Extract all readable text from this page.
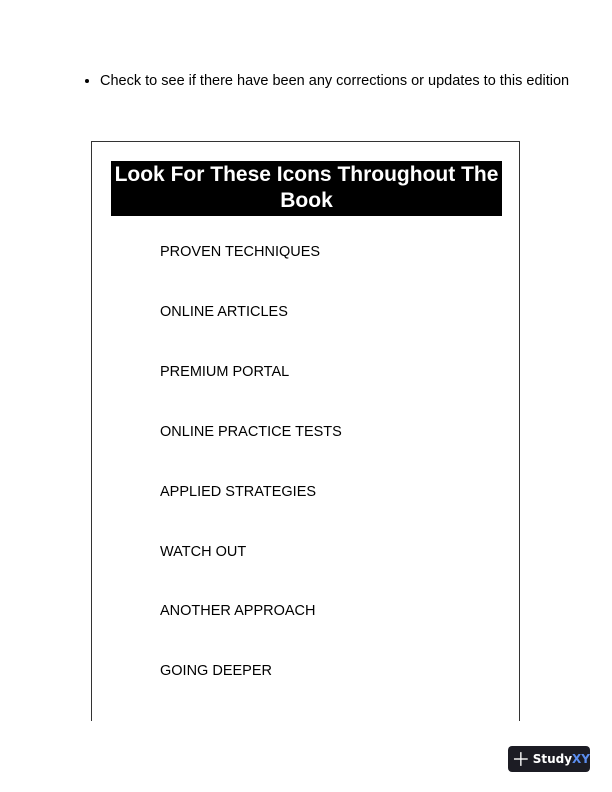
• Check to see if there have been any corrections or updates to this edition
Look For These Icons Throughout The Book
PROVEN TECHNIQUES
ONLINE ARTICLES
PREMIUM PORTAL
ONLINE PRACTICE TESTS
APPLIED STRATEGIES
WATCH OUT
ANOTHER APPROACH
GOING DEEPER
Study XY
